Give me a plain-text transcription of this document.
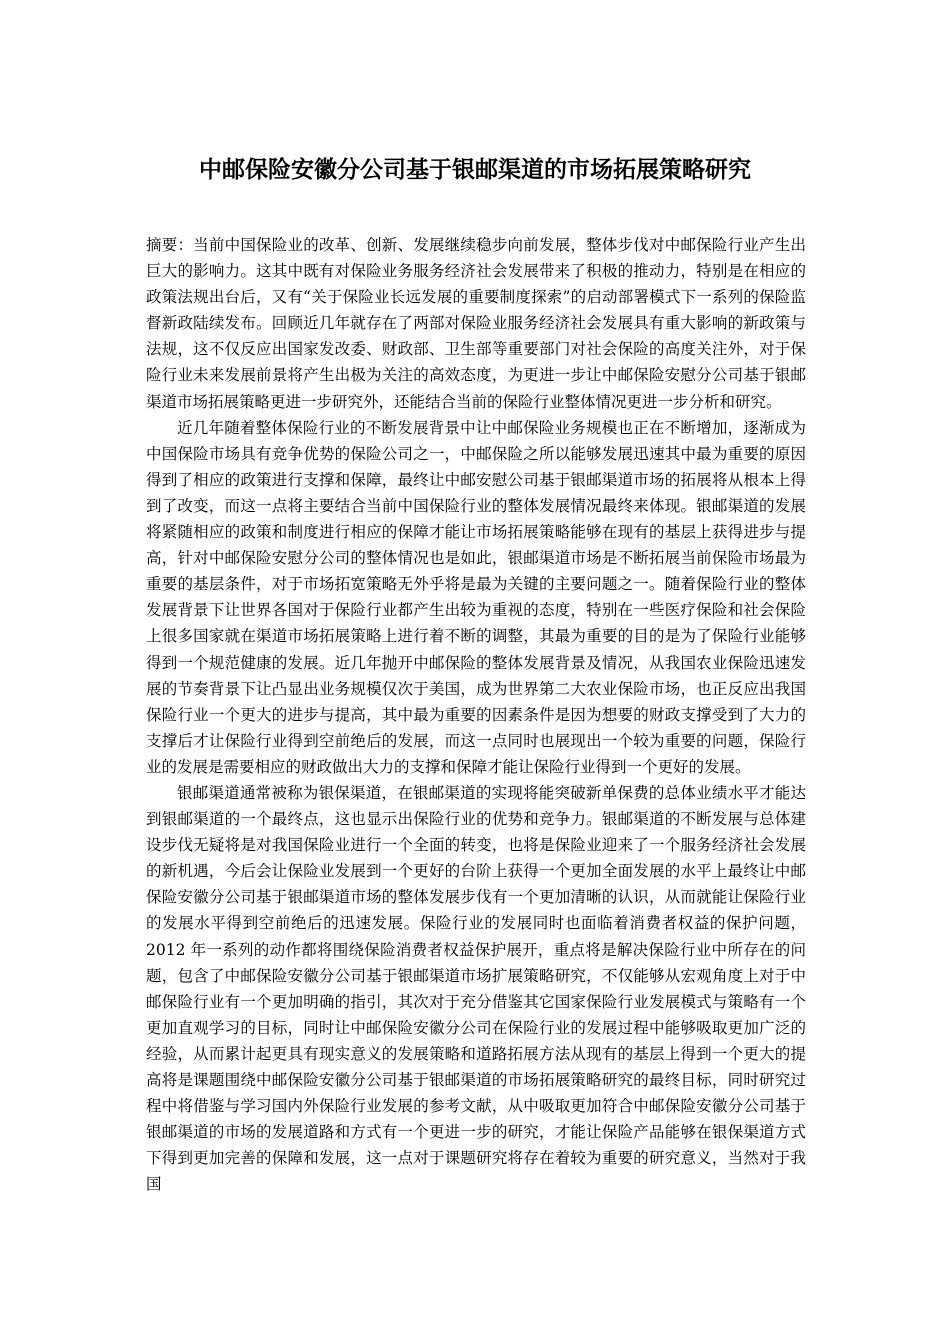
中邮保险安徽分公司基于银邮渠道的市场拓展策略研究

摘要：当前中国保险业的改革、创新、发展继续稳步向前发展，整体步伐对中邮保险行业产生出巨大的影响力。这其中既有对保险业务服务经济社会发展带来了积极的推动力，特别是在相应的政策法规出台后，又有“关于保险业长远发展的重要制度探索”的启动部署模式下一系列的保险监督新政陆续发布。回顾近几年就存在了两部对保险业服务经济社会发展具有重大影响的新政策与法规，这不仅反应出国家发改委、财政部、卫生部等重要部门对社会保险的高度关注外，对于保险行业未来发展前景将产生出极为关注的高效态度，为更进一步让中邮保险安慰分公司基于银邮渠道市场拓展策略更进一步研究外，还能结合当前的保险行业整体情况更进一步分析和研究。

近几年随着整体保险行业的不断发展背景中让中邮保险业务规模也正在不断增加，逐渐成为中国保险市场具有竞争优势的保险公司之一，中邮保险之所以能够发展迅速其中最为重要的原因得到了相应的政策进行支撑和保障，最终让中邮安慰公司基于银邮渠道市场的拓展将从根本上得到了改变，而这一点将主要结合当前中国保险行业的整体发展情况最终来体现。银邮渠道的发展将紧随相应的政策和制度进行相应的保障才能让市场拓展策略能够在现有的基层上获得进步与提高，针对中邮保险安慰分公司的整体情况也是如此，银邮渠道市场是不断拓展当前保险市场最为重要的基层条件，对于市场拓宽策略无外乎将是最为关键的主要问题之一。随着保险行业的整体发展背景下让世界各国对于保险行业都产生出较为重视的态度，特别在一些医疗保险和社会保险上很多国家就在渠道市场拓展策略上进行着不断的调整，其最为重要的目的是为了保险行业能够得到一个规范健康的发展。近几年抛开中邮保险的整体发展背景及情况，从我国农业保险迅速发展的节奏背景下让凸显出业务规模仅次于美国，成为世界第二大农业保险市场，也正反应出我国保险行业一个更大的进步与提高，其中最为重要的因素条件是因为想要的财政支撑受到了大力的支撑后才让保险行业得到空前绝后的发展，而这一点同时也展现出一个较为重要的问题，保险行业的发展是需要相应的财政做出大力的支撑和保障才能让保险行业得到一个更好的发展。

银邮渠道通常被称为银保渠道，在银邮渠道的实现将能突破新单保费的总体业绩水平才能达到银邮渠道的一个最终点，这也显示出保险行业的优势和竞争力。银邮渠道的不断发展与总体建设步伐无疑将是对我国保险业进行一个全面的转变，也将是保险业迎来了一个服务经济社会发展的新机遇，今后会让保险业发展到一个更好的台阶上获得一个更加全面发展的水平上最终让中邮保险安徽分公司基于银邮渠道市场的整体发展步伐有一个更加清晰的认识，从而就能让保险行业的发展水平得到空前绝后的迅速发展。保险行业的发展同时也面临着消费者权益的保护问题，2012 年一系列的动作都将围绕保险消费者权益保护展开，重点将是解决保险行业中所存在的问题，包含了中邮保险安徽分公司基于银邮渠道市场扩展策略研究，不仅能够从宏观角度上对于中邮保险行业有一个更加明确的指引，其次对于充分借鉴其它国家保险行业发展模式与策略有一个更加直观学习的目标，同时让中邮保险安徽分公司在保险行业的发展过程中能够吸取更加广泛的经验，从而累计起更具有现实意义的发展策略和道路拓展方法从现有的基层上得到一个更大的提高将是课题围绕中邮保险安徽分公司基于银邮渠道的市场拓展策略研究的最终目标，同时研究过程中将借鉴与学习国内外保险行业发展的参考文献，从中吸取更加符合中邮保险安徽分公司基于银邮渠道的市场的发展道路和方式有一个更进一步的研究，才能让保险产品能够在银保渠道方式下得到更加完善的保障和发展，这一点对于课题研究将存在着较为重要的研究意义，当然对于我国
